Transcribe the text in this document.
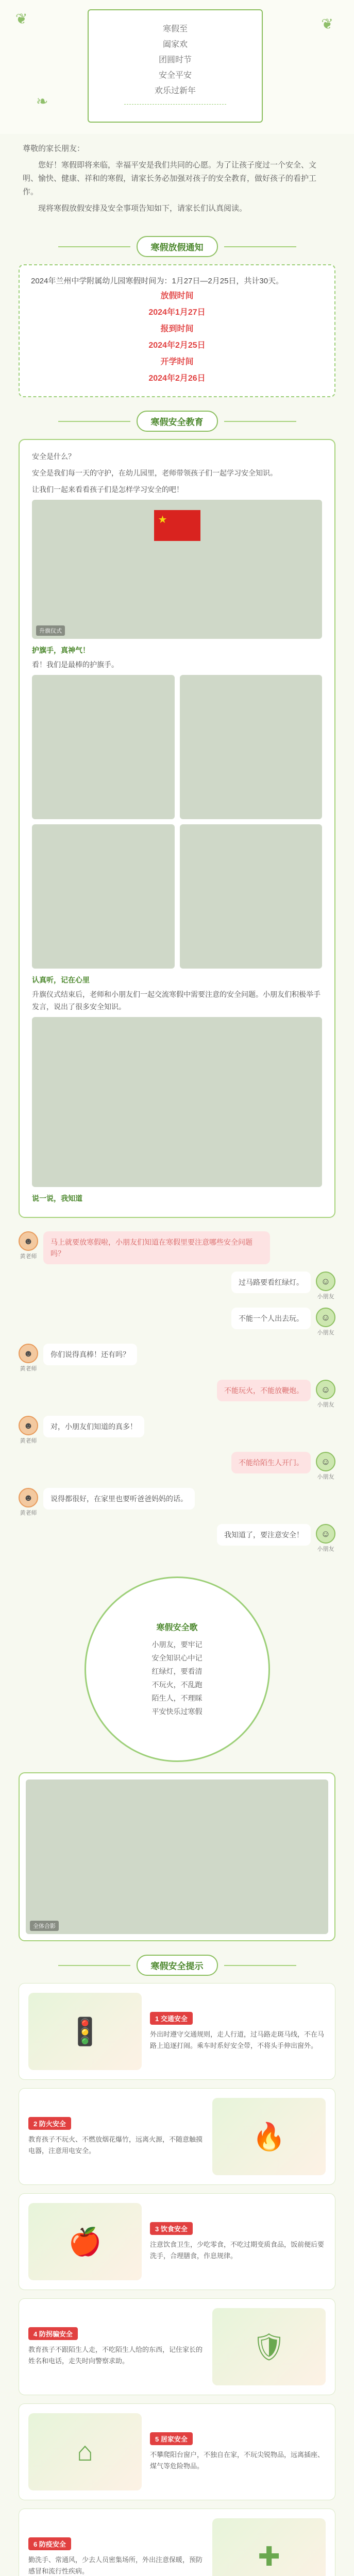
❦	❦
❧

寒假至

阖家欢

团圆时节

安全平安

欢乐过新年

尊敬的家长朋友：

您好！寒假即将来临，幸福平安是我们共同的心愿。为了让孩子度过一个安全、文明、愉快、健康、祥和的寒假，请家长务必加强对孩子的安全教育，做好孩子的看护工作。

现将寒假放假安排及安全事项告知如下，请家长们认真阅读。

寒假放假通知

2024年兰州中学附属幼儿园寒假时间为：1月27日—2月25日，共计30天。

放假时间
2024年1月27日
报到时间
2024年2月25日
开学时间
2024年2月26日
寒假安全教育

安全是什么？

安全是我们每一天的守护，在幼儿园里，老师带领孩子们一起学习安全知识。

让我们一起来看看孩子们是怎样学习安全的吧！

★
升旗仪式
护旗手，真神气！

看！我们是最棒的护旗手。

认真听，记在心里

升旗仪式结束后，老师和小朋友们一起交流寒假中需要注意的安全问题。小朋友们积极举手发言，说出了很多安全知识。

说一说，我知道
☻
黄老师
马上就要放寒假啦，小朋友们知道在寒假里要注意哪些安全问题吗？
☺
小朋友
过马路要看红绿灯。
☺
小朋友
不能一个人出去玩。
☻
黄老师
你们说得真棒！还有吗？
☺
小朋友
不能玩火，不能放鞭炮。
☻
黄老师
对，小朋友们知道的真多！
☺
小朋友
不能给陌生人开门。
☻
黄老师
说得都很好，在家里也要听爸爸妈妈的话。
☺
小朋友
我知道了，要注意安全！
寒假安全歌

小朋友，要牢记

安全知识心中记

红绿灯，要看清

不玩火，不乱跑

陌生人，不理睬

平安快乐过寒假

全体合影
寒假安全提示
🚦	1 交通安全

外出时遵守交通规则，走人行道，过马路走斑马线，不在马路上追逐打闹。乘车时系好安全带，不将头手伸出窗外。

2 防火安全

教育孩子不玩火、不燃放烟花爆竹，远离火源，不随意触摸电器，注意用电安全。	🔥
🍎	3 饮食安全

注意饮食卫生，少吃零食，不吃过期变质食品，饭前便后要洗手，合理膳食，作息规律。

4 防拐骗安全

教育孩子不跟陌生人走，不吃陌生人给的东西，记住家长的姓名和电话，走失时向警察求助。	🛡
⌂	5 居家安全

不攀爬阳台窗户，不独自在家，不玩尖锐物品，远离插座、煤气等危险物品。

6 防疫安全

勤洗手、常通风，少去人员密集场所，外出注意保暖，预防感冒和流行性疾病。	✚
